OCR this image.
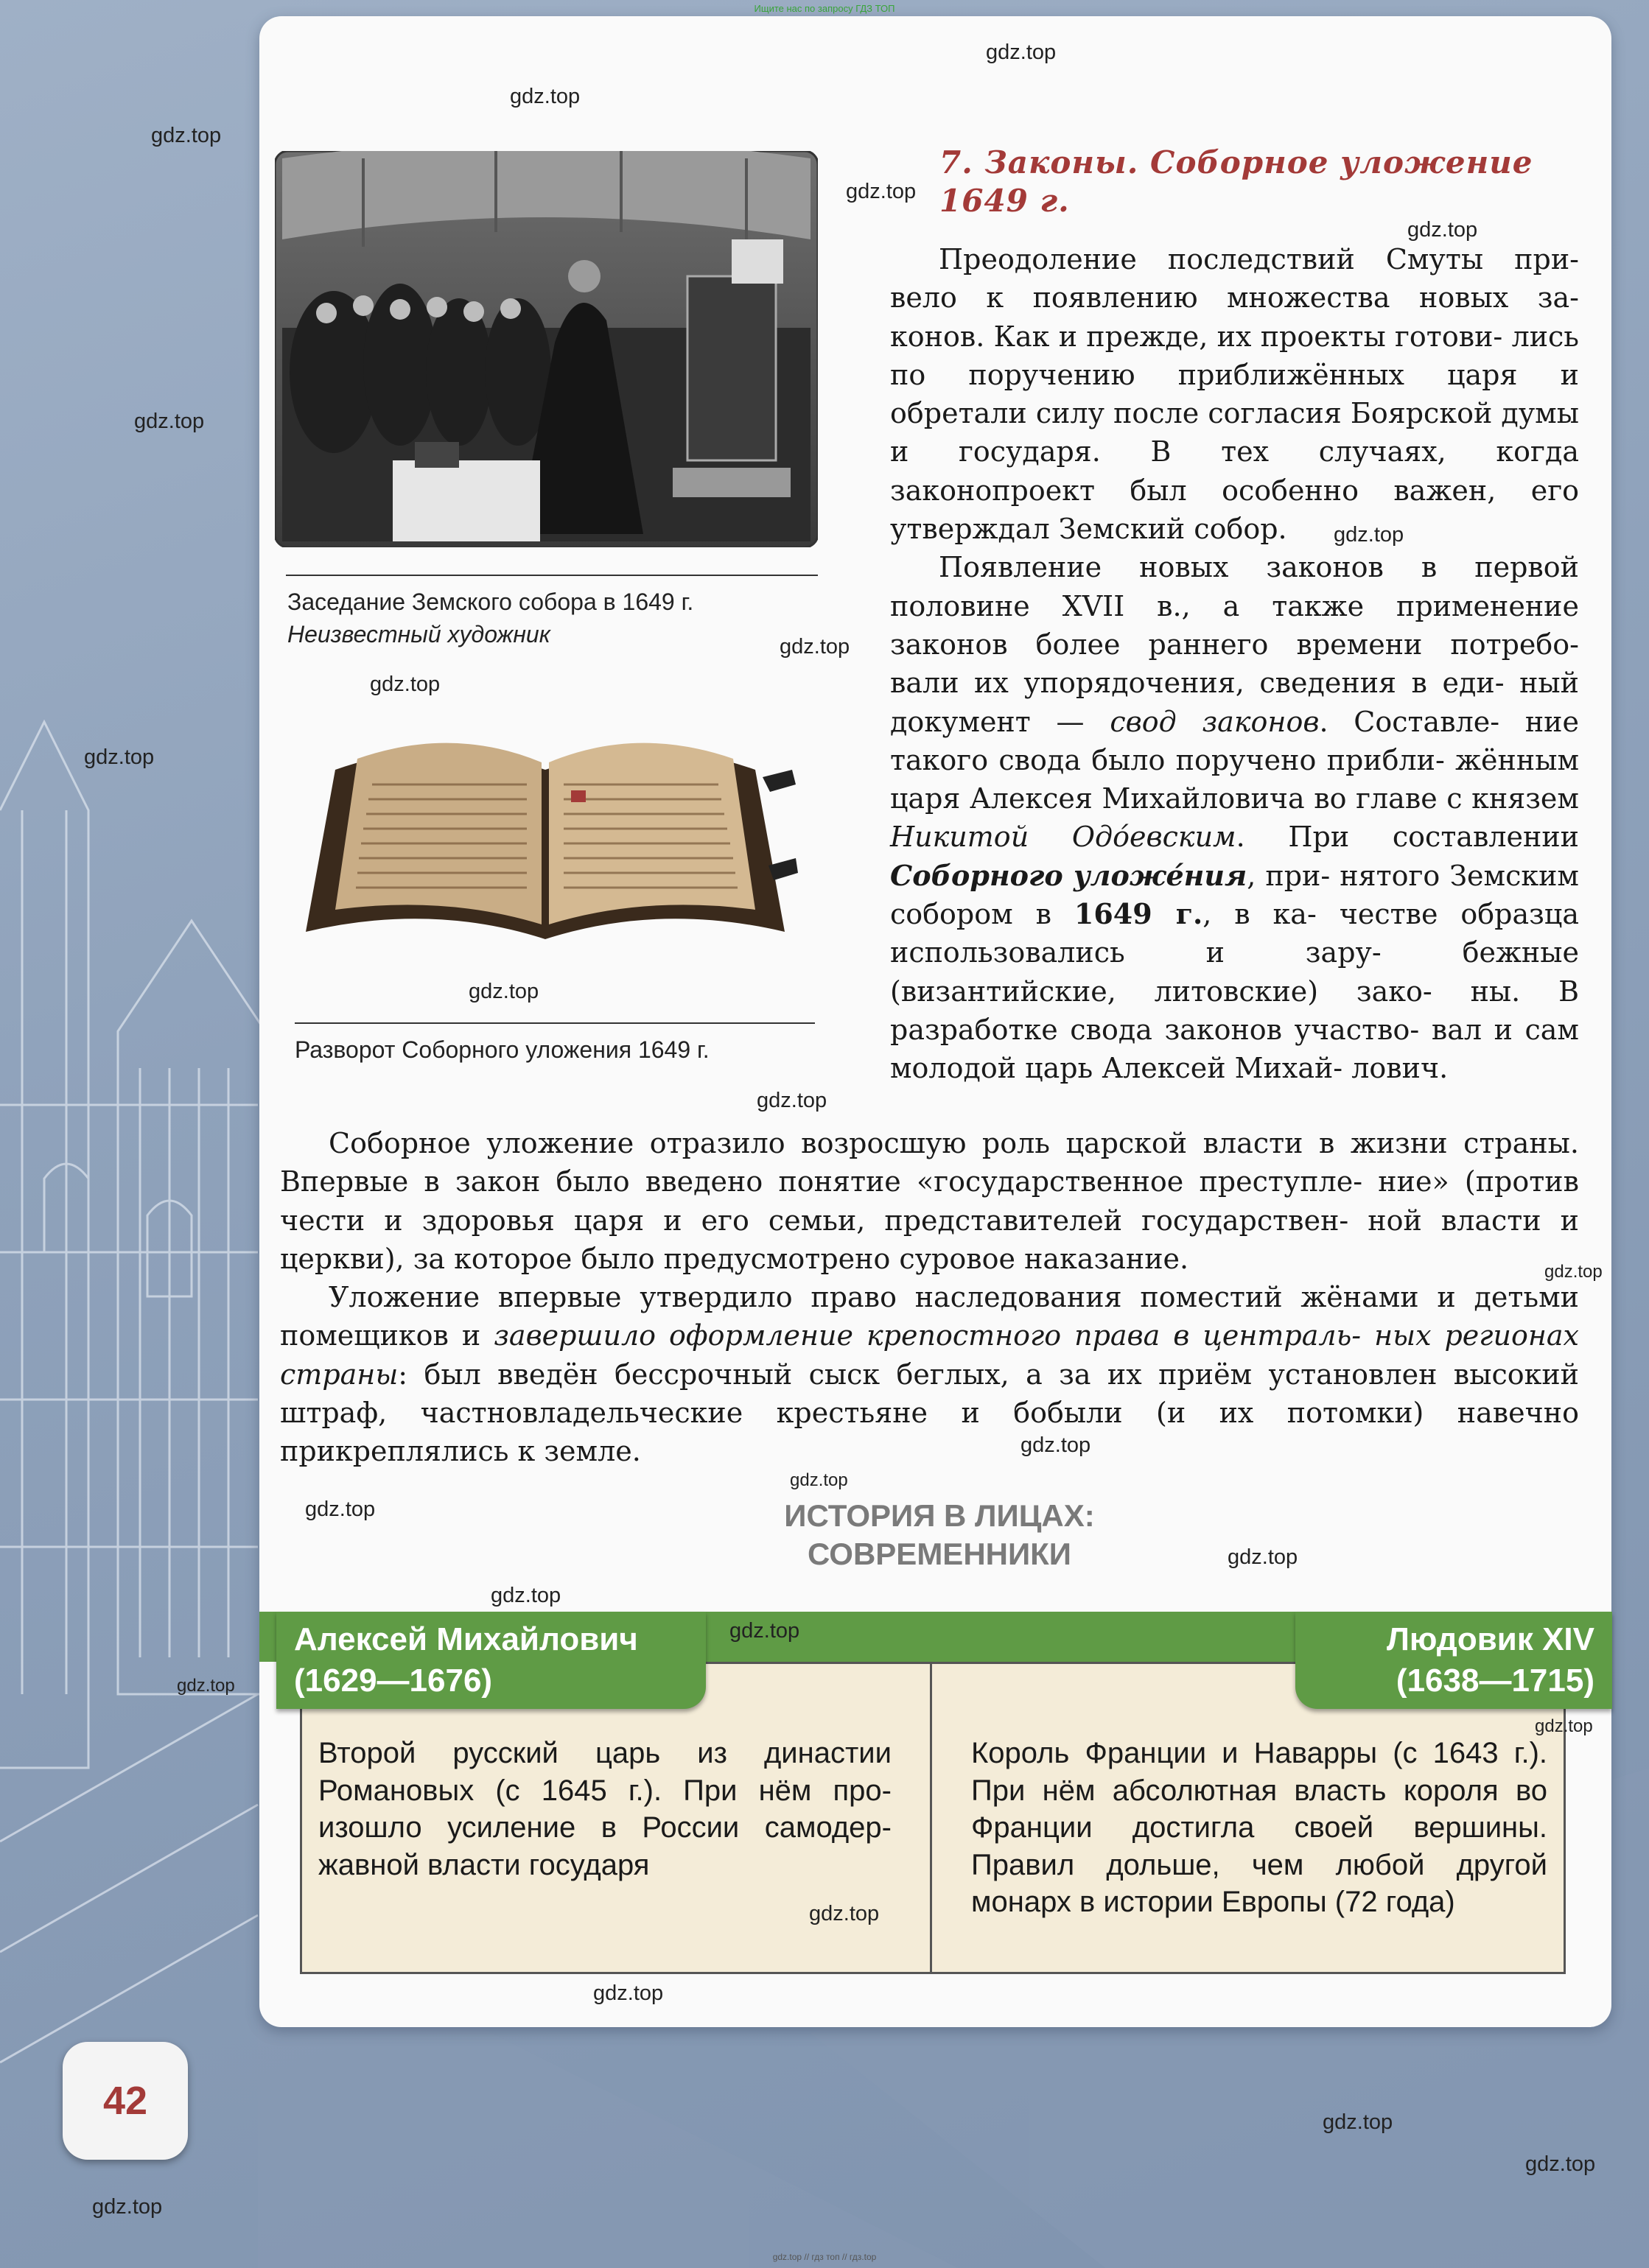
Ищите нас по запросу ГДЗ ТОП
Заседание Земского собора в 1649 г.
Неизвестный художник
Разворот Соборного уложения 1649 г.
7. Законы. Соборное уложение
1649 г.

Преодоление последствий Смуты при- вело к появлению множества новых за- конов. Как и прежде, их проекты готови- лись по поручению приближённых царя и обретали силу после согласия Боярской думы и государя. В тех случаях, когда законопроект был особенно важен, его утверждал Земский собор.

Появление новых законов в первой половине XVII в., а также применение законов более раннего времени потребо- вали их упорядочения, сведения в еди- ный документ — свод законов. Составле- ние такого свода было поручено прибли- жённым царя Алексея Михайловича во главе с князем Никитой Одо́евским. При составлении Соборного уложе́ния, при- нятого Земским собором в 1649 г., в ка- честве образца использовались и зару-	бежные (византийские, литовские) зако- ны. В разработке свода законов участво- вал и сам молодой царь Алексей Михай- лович.

Соборное уложение отразило возросшую роль царской власти в жизни страны. Впервые в закон было введено понятие «государственное преступле- ние» (против чести и здоровья царя и его семьи, представителей государствен- ной власти и церкви), за которое было предусмотрено суровое наказание.

Уложение впервые утвердило право наследования поместий жёнами и детьми помещиков и завершило оформление крепостного права в централь- ных регионах страны: был введён бессрочный сыск беглых, а за их приём установлен высокий штраф, частновладельческие крестьяне и бобыли (и их потомки) навечно прикреплялись к земле.

ИСТОРИЯ В ЛИЦАХ:
СОВРЕМЕННИКИ
Алексей Михайлович
(1629—1676)
Людовик XIV
(1638—1715)
Второй русский царь из династии Романовых (с 1645 г.). При нём произошло усиление в России самодержавной власти государя
Король Франции и Наварры (с 1643 г.). При нём абсолютная власть короля во Франции достигла своей вершины. Правил дольше, чем любой другой монарх в истории Европы (72 года)
42
gdz.top
gdz.top
gdz.top
gdz.top
gdz.top
gdz.top
gdz.top
gdz.top
gdz.top
gdz.top
gdz.top
gdz.top
gdz.top
gdz.top
gdz.top
gdz.top
gdz.top
gdz.top
gdz.top
gdz.top
gdz.top
gdz.top
gdz.top
gdz.top
gdz.top
gdz.top
gdz.top // гдз топ // гдз.top
